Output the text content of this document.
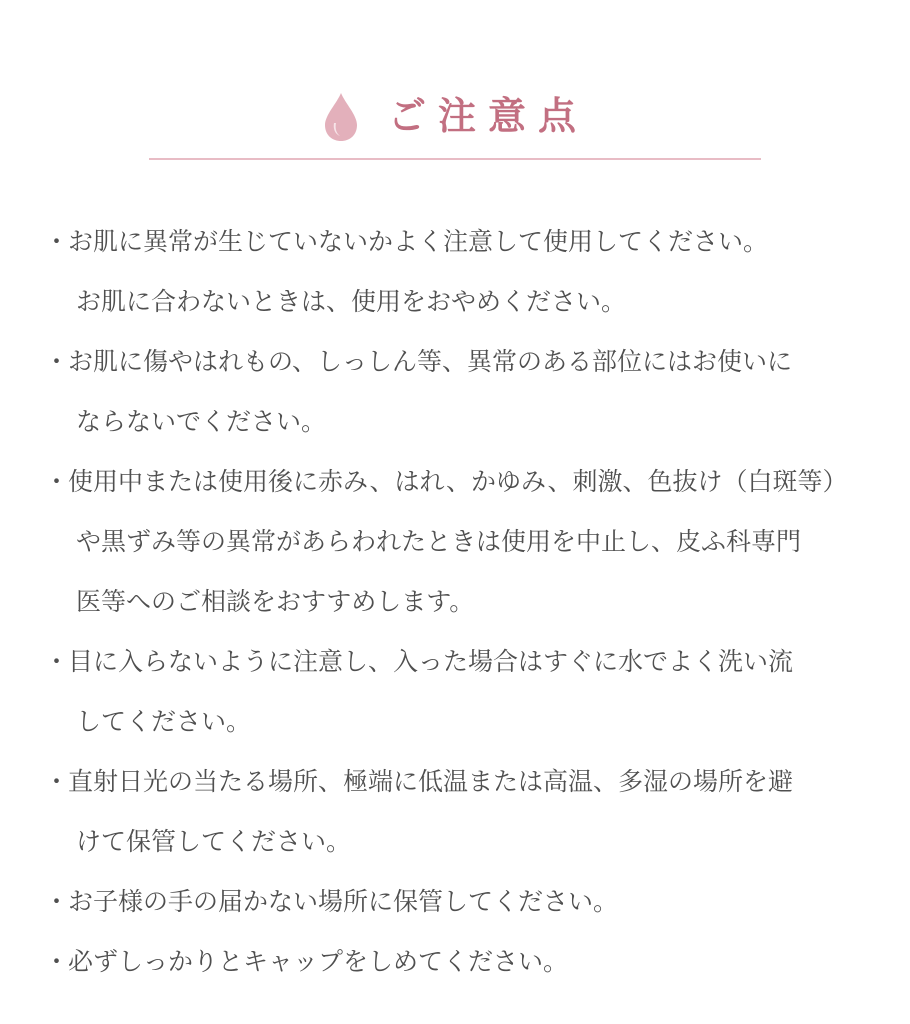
ご注意点
・
お肌に異常が生じていないかよく注意して使用してください。
お肌に合わないときは、使用をおやめください。
・
お肌に傷やはれもの、しっしん等、異常のある部位にはお使いに
ならないでください。
・
使用中または使用後に赤み、はれ、かゆみ、刺激、色抜け（白斑等）
や黒ずみ等の異常があらわれたときは使用を中止し、皮ふ科専門
医等へのご相談をおすすめします。
・
目に入らないように注意し、入った場合はすぐに水でよく洗い流
してください。
・
直射日光の当たる場所、極端に低温または高温、多湿の場所を避
けて保管してください。
・
お子様の手の届かない場所に保管してください。
・
必ずしっかりとキャップをしめてください。
